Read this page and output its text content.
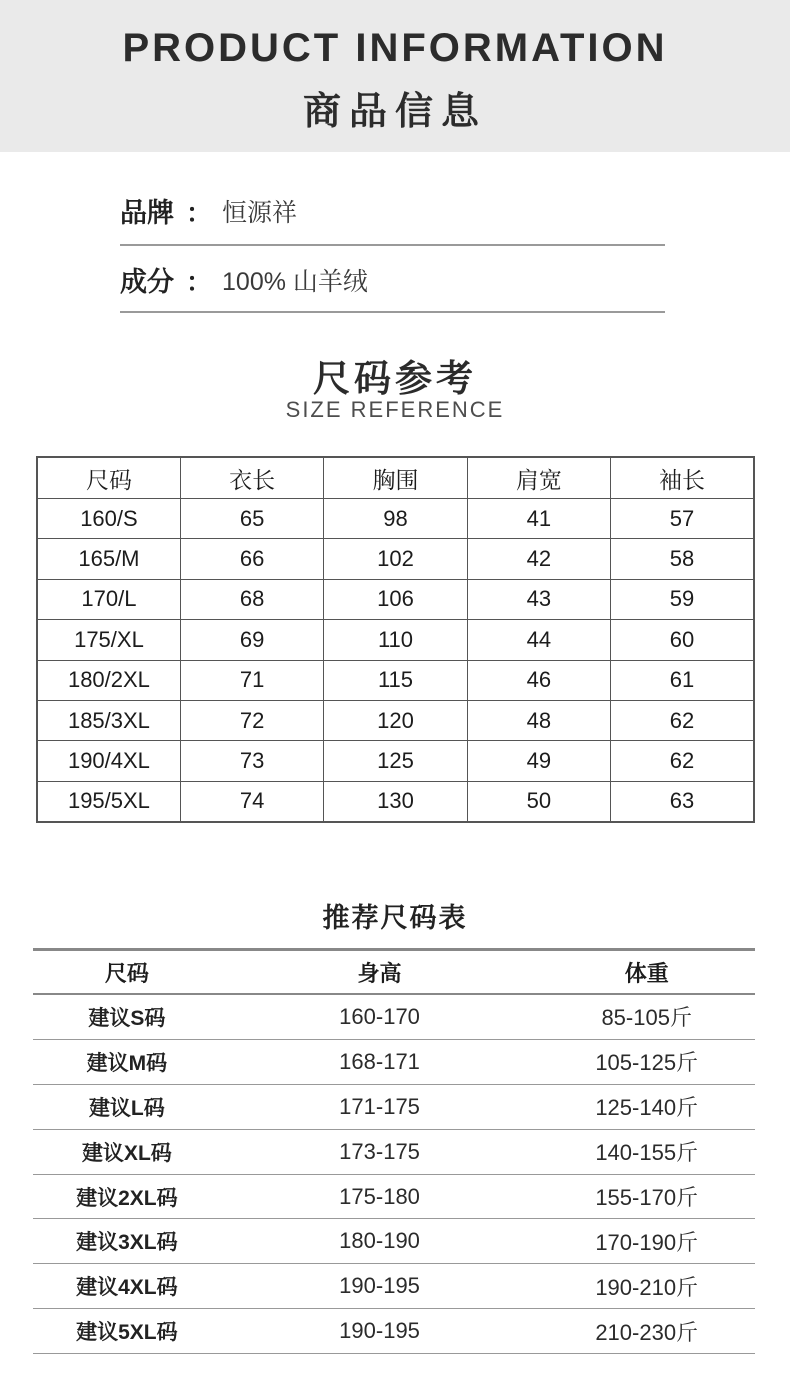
PRODUCT INFORMATION
商品信息
品牌 ： 恒源祥
成分 ： 100% 山羊绒
尺码参考
SIZE REFERENCE
尺码	衣长	胸围	肩宽	袖长
160/S	65	98	41	57
165/M	66	102	42	58
170/L	68	106	43	59
175/XL	69	110	44	60
180/2XL	71	115	46	61
185/3XL	72	120	48	62
190/4XL	73	125	49	62
195/5XL	74	130	50	63
推荐尺码表
尺码	身高	体重
建议S码	160-170	85-105斤
建议M码	168-171	105-125斤
建议L码	171-175	125-140斤
建议XL码	173-175	140-155斤
建议2XL码	175-180	155-170斤
建议3XL码	180-190	170-190斤
建议4XL码	190-195	190-210斤
建议5XL码	190-195	210-230斤
